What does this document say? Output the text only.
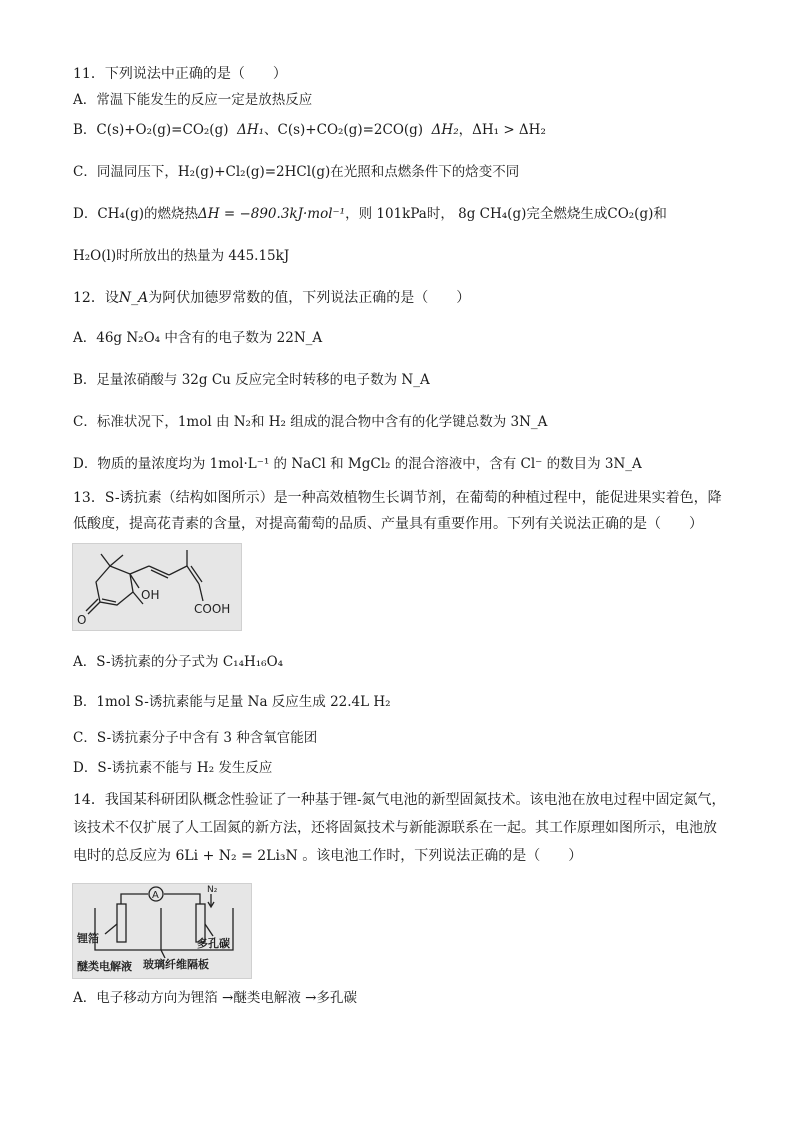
11．下列说法中正确的是（　　）
A．常温下能发生的反应一定是放热反应
B．C(s)+O₂(g)=CO₂(g) ΔH₁、C(s)+CO₂(g)=2CO(g) ΔH₂，ΔH₁ > ΔH₂
C．同温同压下，H₂(g)+Cl₂(g)=2HCl(g)在光照和点燃条件下的焓变不同
D．CH₄(g)的燃烧热ΔH = −890.3kJ·mol⁻¹，则 101kPa时， 8g CH₄(g)完全燃烧生成CO₂(g)和
H₂O(l)时所放出的热量为 445.15kJ
12．设N_A为阿伏加德罗常数的值，下列说法正确的是（　　）
A．46g N₂O₄ 中含有的电子数为 22N_A
B．足量浓硝酸与 32g Cu 反应完全时转移的电子数为 N_A
C．标准状况下，1mol 由 N₂和 H₂ 组成的混合物中含有的化学键总数为 3N_A
D．物质的量浓度均为 1mol·L⁻¹ 的 NaCl 和 MgCl₂ 的混合溶液中，含有 Cl⁻ 的数目为 3N_A
13．S-诱抗素（结构如图所示）是一种高效植物生长调节剂，在葡萄的种植过程中，能促进果实着色，降
低酸度，提高花青素的含量，对提高葡萄的品质、产量具有重要作用。下列有关说法正确的是（　　）
OH
COOH
O
A．S-诱抗素的分子式为 C₁₄H₁₆O₄
B．1mol S-诱抗素能与足量 Na 反应生成 22.4L H₂
C．S-诱抗素分子中含有 3 种含氧官能团
D．S-诱抗素不能与 H₂ 发生反应
14．我国某科研团队概念性验证了一种基于锂-氮气电池的新型固氮技术。该电池在放电过程中固定氮气，
该技术不仅扩展了人工固氮的新方法，还将固氮技术与新能源联系在一起。其工作原理如图所示，电池放
电时的总反应为 6Li + N₂ = 2Li₃N 。该电池工作时，下列说法正确的是（　　）
A	N₂
锂箔	多孔碳
醚类电解液 玻璃纤维隔板
A．电子移动方向为锂箔 →醚类电解液 →多孔碳
